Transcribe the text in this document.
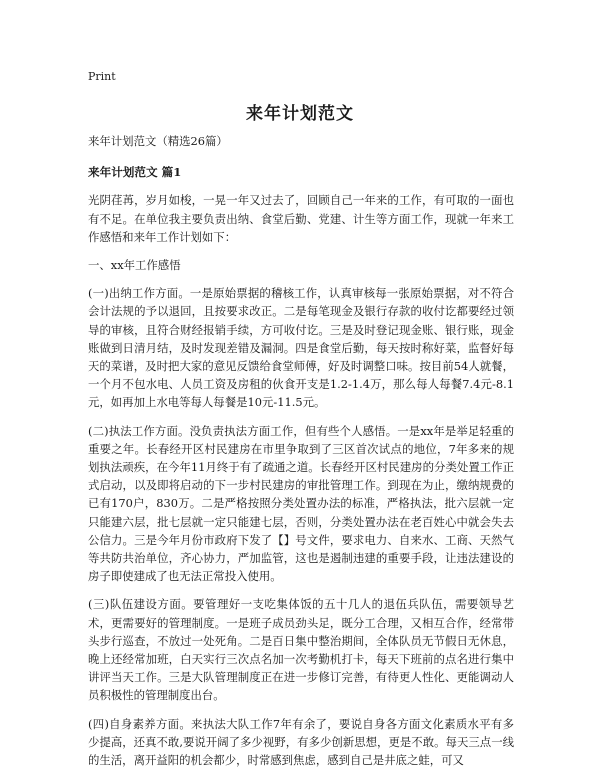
Print
来年计划范文

来年计划范文（精选26篇）

来年计划范文 篇1

光阴荏苒，岁月如梭，一晃一年又过去了，回顾自己一年来的工作，有可取的一面也有不足。在单位我主要负责出纳、食堂后勤、党建、计生等方面工作，现就一年来工作感悟和来年工作计划如下：

一、xx年工作感悟

(一)出纳工作方面。一是原始票据的稽核工作，认真审核每一张原始票据，对不符合会计法规的予以退回，且按要求改正。二是每笔现金及银行存款的收付讫都要经过领导的审核，且符合财经报销手续，方可收付讫。三是及时登记现金账、银行账，现金账做到日清月结，及时发现差错及漏洞。四是食堂后勤，每天按时称好菜，监督好每天的菜谱，及时把大家的意见反馈给食堂师傅，好及时调整口味。按目前54人就餐，一个月不包水电、人员工资及房租的伙食开支是1.2-1.4万，那么每人每餐7.4元-8.1元，如再加上水电等每人每餐是10元-11.5元。

(二)执法工作方面。没负责执法方面工作，但有些个人感悟。一是xx年是举足轻重的重要之年。长春经开区村民建房在市里争取到了三区首次试点的地位，7年多来的规划执法顽疾，在今年11月终于有了疏通之道。长春经开区村民建房的分类处置工作正式启动，以及即将启动的下一步村民建房的审批管理工作。到现在为止，缴纳规费的已有170户，830万。二是严格按照分类处置办法的标准，严格执法，批六层就一定只能建六层，批七层就一定只能建七层，否则，分类处置办法在老百姓心中就会失去公信力。三是今年月份市政府下发了【】号文件，要求电力、自来水、工商、天然气等共防共治单位，齐心协力，严加监管，这也是遏制违建的重要手段，让违法建设的房子即使建成了也无法正常投入使用。

(三)队伍建设方面。要管理好一支吃集体饭的五十几人的退伍兵队伍，需要领导艺术，更需要好的管理制度。一是班子成员劲头足，既分工合理，又相互合作，经常带头步行巡查，不放过一处死角。二是百日集中整治期间，全体队员无节假日无休息，晚上还经常加班，白天实行三次点名加一次考勤机打卡，每天下班前的点名进行集中讲评当天工作。三是大队管理制度正在进一步修订完善，有待更人性化、更能调动人员积极性的管理制度出台。

(四)自身素养方面。来执法大队工作7年有余了，要说自身各方面文化素质水平有多少提高，还真不敢,要说开阔了多少视野，有多少创新思想，更是不敢。每天三点一线的生活，离开益阳的机会都少，时常感到焦虑，感到自己是井底之蛙，可又
